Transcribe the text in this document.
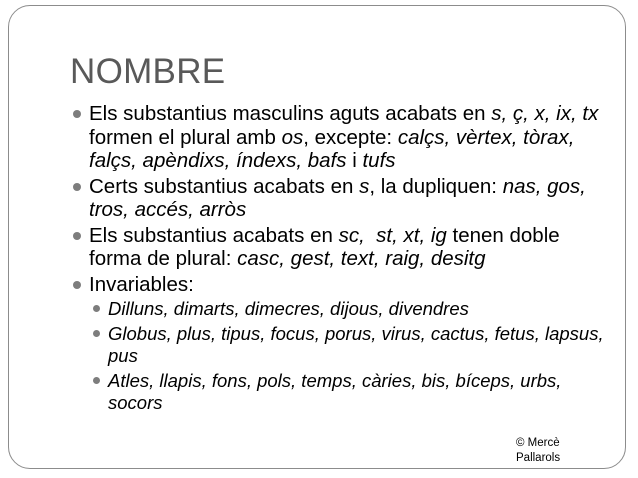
NOMBRE
Els substantius masculins aguts acabats en s, ç, x, ix, tx formen el plural amb os, excepte: calçs, vèrtex, tòrax, falçs, apèndixs, índexs, bafs i tufs
Certs substantius acabats en s, la dupliquen: nas, gos, tros, accés, arròs
Els substantius acabats en sc,  st, xt, ig tenen doble forma de plural: casc, gest, text, raig, desitg
Invariables:
Dilluns, dimarts, dimecres, dijous, divendres
Globus, plus, tipus, focus, porus, virus, cactus, fetus, lapsus, pus
Atles, llapis, fons, pols, temps, càries, bis, bíceps, urbs, socors
© Mercè
Pallarols
